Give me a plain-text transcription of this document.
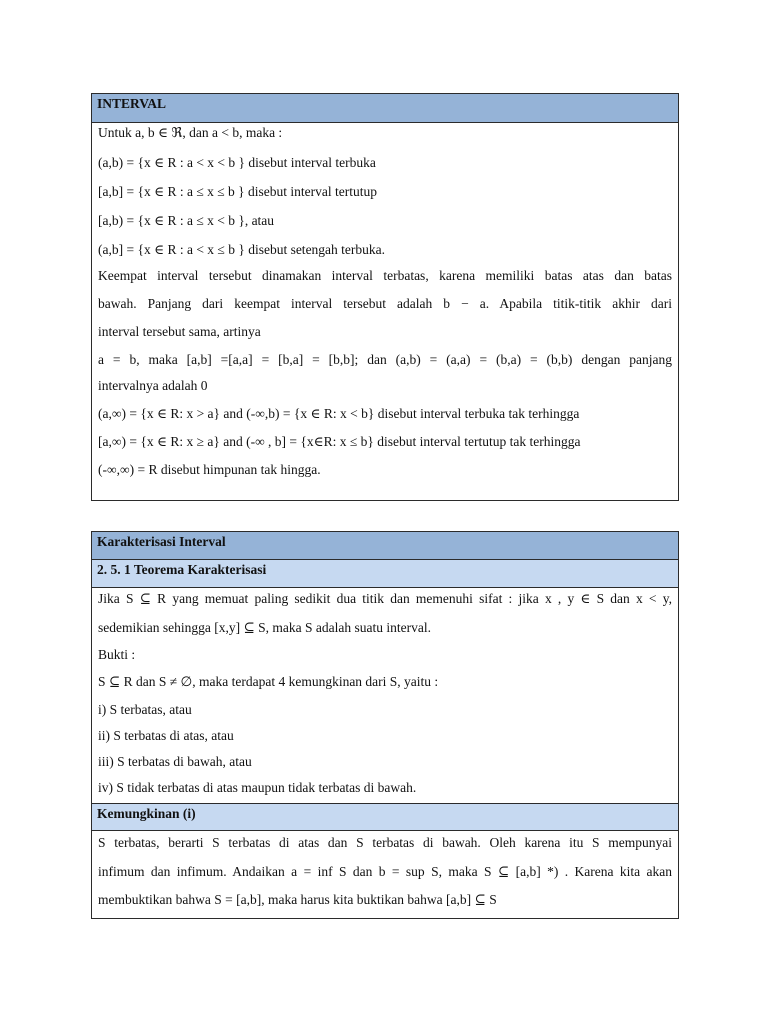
INTERVAL
Untuk a, b ∈ ℜ, dan a < b, maka :
(a,b) = {x ∈ R : a < x < b } disebut interval terbuka
[a,b] = {x ∈ R : a ≤ x ≤ b } disebut interval tertutup
[a,b) = {x ∈ R : a ≤ x < b }, atau
(a,b] = {x ∈ R : a < x ≤ b } disebut setengah terbuka.
Keempat interval tersebut dinamakan interval terbatas, karena memiliki batas atas dan batas
bawah. Panjang dari keempat interval tersebut adalah b − a. Apabila titik-titik akhir dari
interval tersebut sama, artinya
a = b, maka [a,b] =[a,a] = [b,a] = [b,b]; dan (a,b) = (a,a) = (b,a) = (b,b) dengan panjang
intervalnya adalah 0
(a,∞) = {x ∈ R: x > a} and (-∞,b) = {x ∈ R: x < b} disebut interval terbuka tak terhingga
[a,∞) = {x ∈ R: x ≥ a} and (-∞ , b] = {x∈R: x ≤ b} disebut interval tertutup tak terhingga
(-∞,∞) = R disebut himpunan tak hingga.
Karakterisasi Interval
2. 5. 1 Teorema Karakterisasi
Jika S ⊆ R yang memuat paling sedikit dua titik dan memenuhi sifat : jika x , y ∈ S dan x < y,
sedemikian sehingga [x,y] ⊆ S, maka S adalah suatu interval.
Bukti :
S ⊆ R dan S ≠ ∅, maka terdapat 4 kemungkinan dari S, yaitu :
i) S terbatas, atau
ii) S terbatas di atas, atau
iii) S terbatas di bawah, atau
iv) S tidak terbatas di atas maupun tidak terbatas di bawah.
Kemungkinan (i)
S terbatas, berarti S terbatas di atas dan S terbatas di bawah. Oleh karena itu S mempunyai
infimum dan infimum. Andaikan a = inf S dan b = sup S, maka S ⊆ [a,b] *) . Karena kita akan
membuktikan bahwa S = [a,b], maka harus kita buktikan bahwa [a,b] ⊆ S
